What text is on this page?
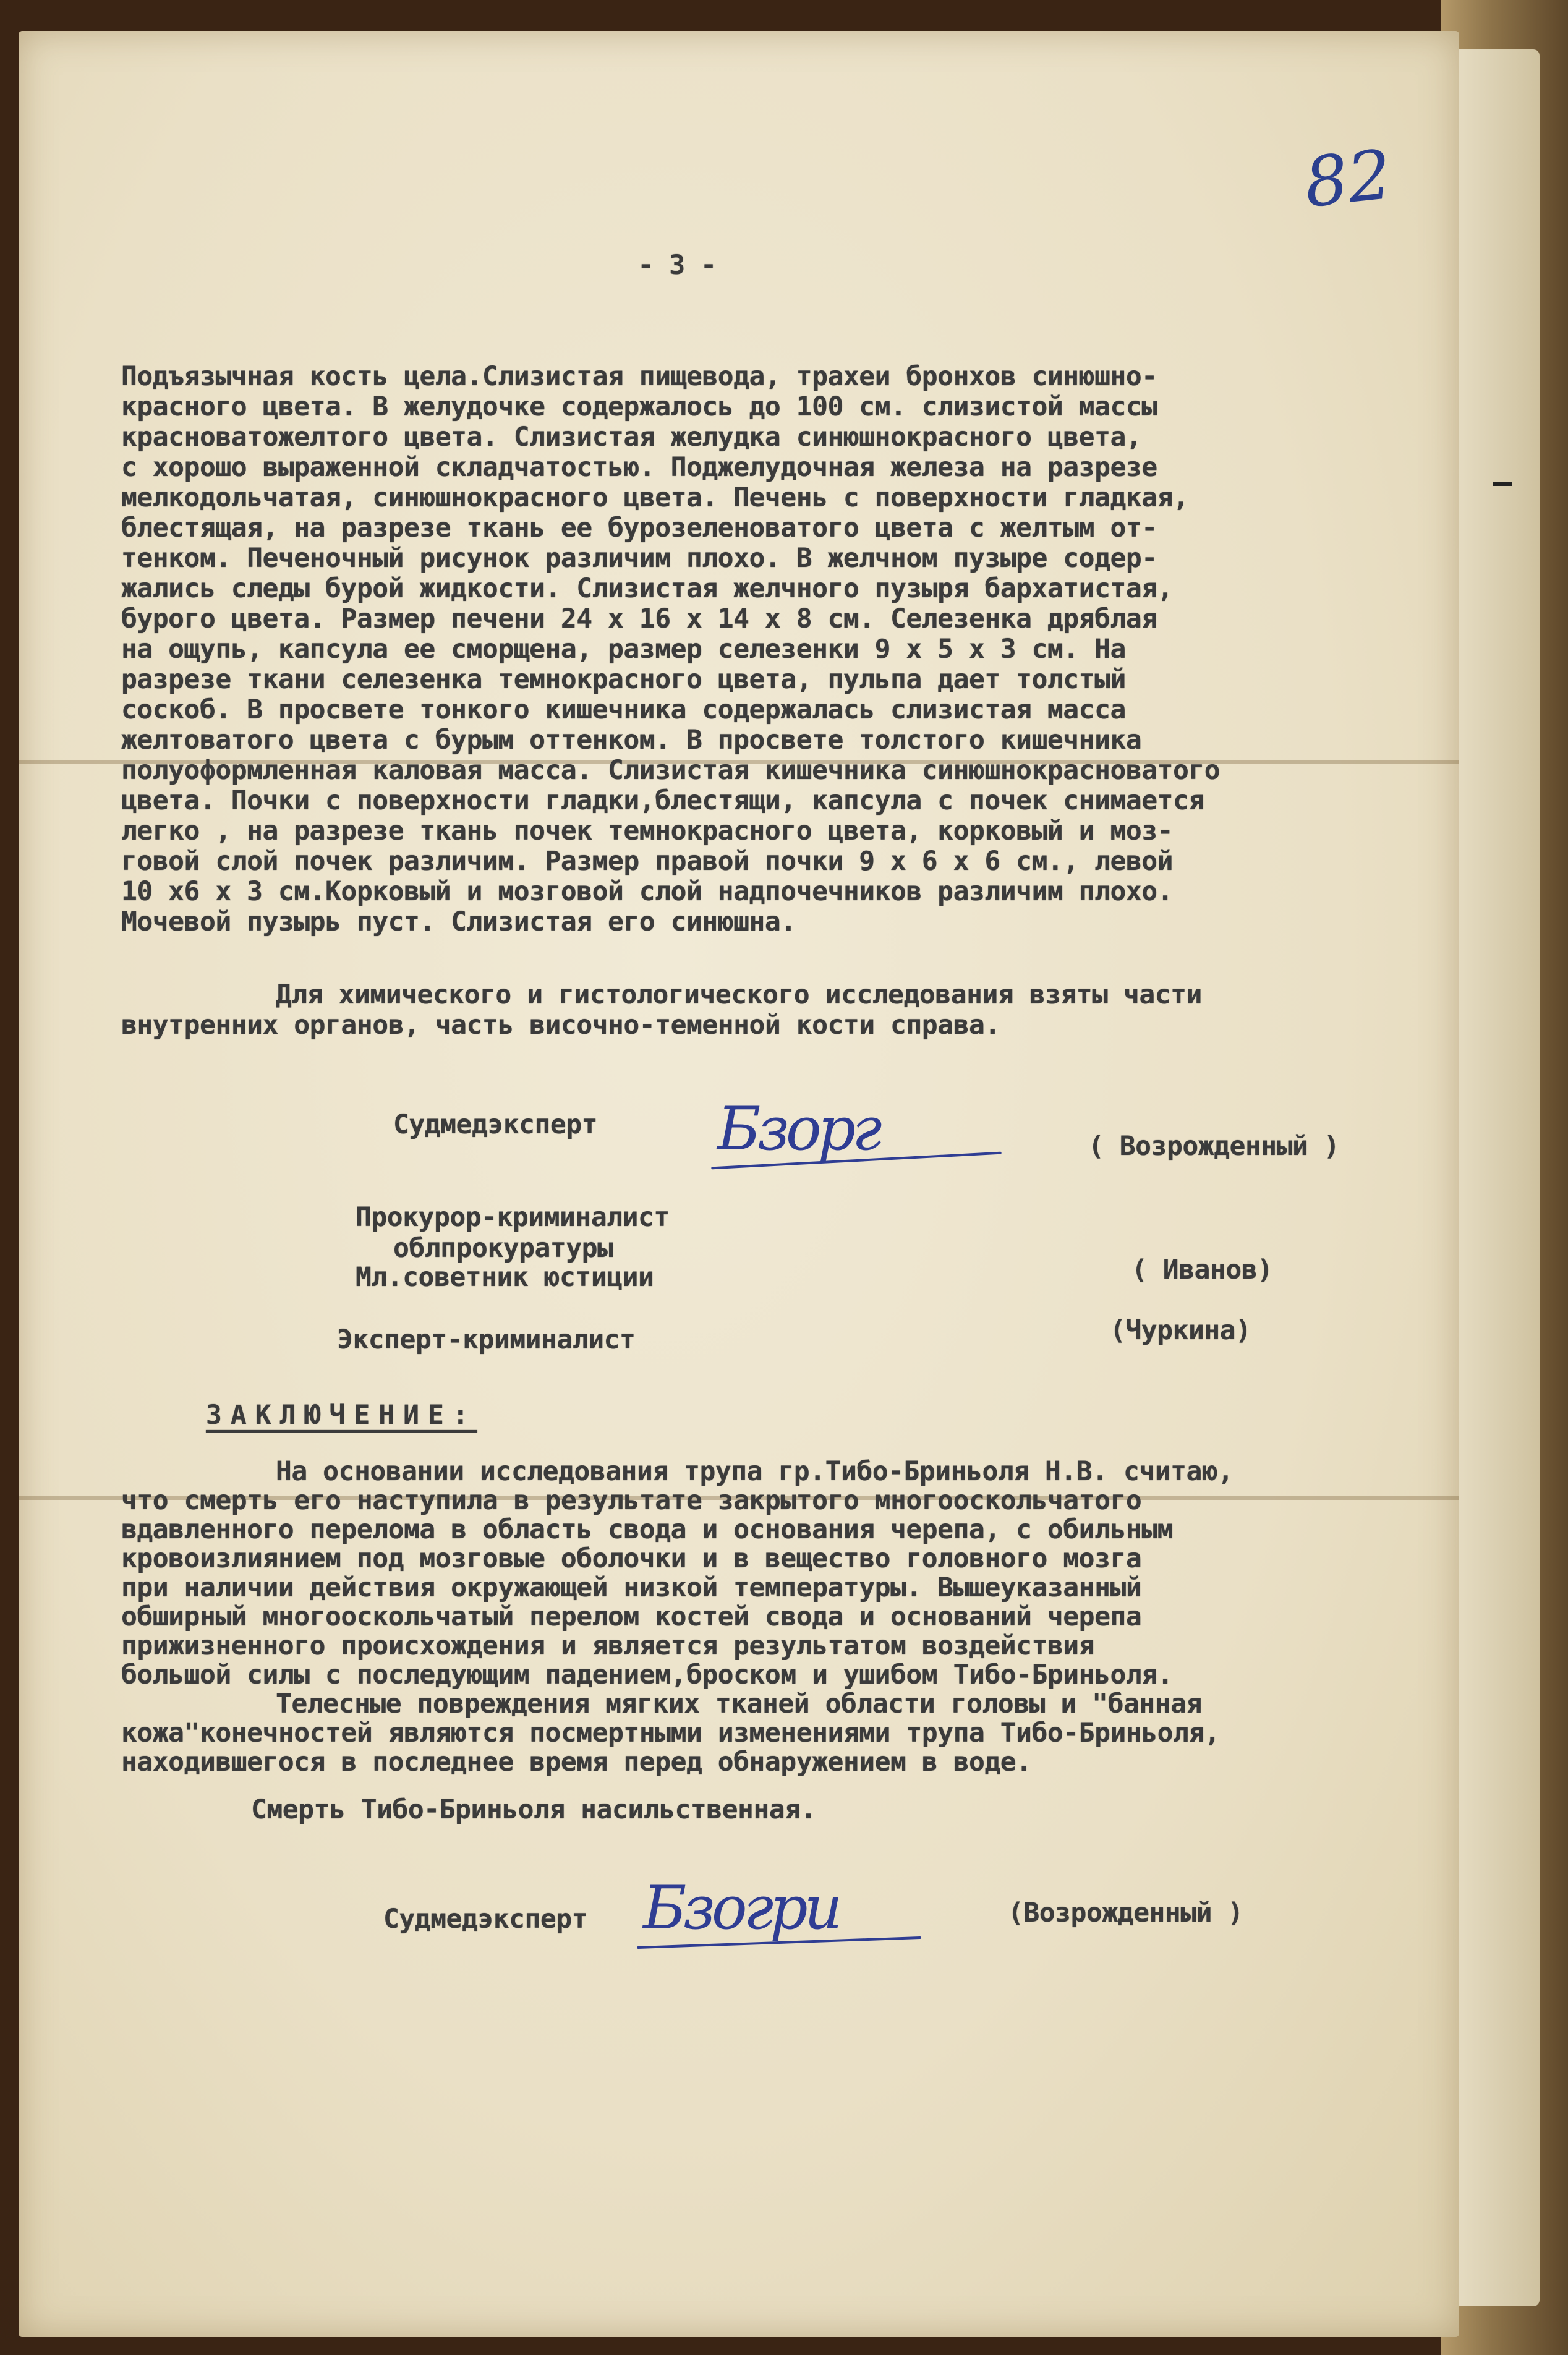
82
- 3 -
Подъязычная кость цела.Слизистая пищевода, трахеи бронхов синюшно-
красного цвета. В желудочке содержалось до 100 см. слизистой массы
красноватожелтого цвета. Слизистая желудка синюшнокрасного цвета,
с хорошо выраженной складчатостью. Поджелудочная железа на разрезе
мелкодольчатая, синюшнокрасного цвета. Печень с поверхности гладкая,
блестящая, на разрезе ткань ее бурозеленоватого цвета с желтым от-
тенком. Печеночный рисунок различим плохо. В желчном пузыре содер-
жались следы бурой жидкости. Слизистая желчного пузыря бархатистая,
бурого цвета. Размер печени 24 х 16 х 14 х 8 см. Селезенка дряблая
на ощупь, капсула ее сморщена, размер селезенки 9 х 5 х 3 см. На
разрезе ткани селезенка темнокрасного цвета, пульпа дает толстый
соскоб. В просвете тонкого кишечника содержалась слизистая масса
желтоватого цвета с бурым оттенком. В просвете толстого кишечника
полуоформленная каловая масса. Слизистая кишечника синюшнокрасноватого
цвета. Почки с поверхности гладки,блестящи, капсула с почек снимается
легко , на разрезе ткань почек темнокрасного цвета, корковый и моз-
говой слой почек различим. Размер правой почки 9 х 6 х 6 см., левой
10 х6 х 3 см.Корковый и мозговой слой надпочечников различим плохо.
Мочевой пузырь пуст. Слизистая его синюшна.
Для химического и гистологического исследования взяты части
внутренних органов, часть височно-теменной кости справа.
Судмедэксперт Бзорг	( Возрожденный )
Прокурор-криминалист
облпрокуратуры
Мл.советник юстиции	( Иванов)
Эксперт-криминалист	(Чуркина)
ЗАКЛЮЧЕНИЕ:
На основании исследования трупа гр.Тибо-Бриньоля Н.В. считаю,
что смерть его наступила в результате закрытого многооскольчатого
вдавленного перелома в область свода и основания черепа, с обильным
кровоизлиянием под мозговые оболочки и в вещество головного мозга
при наличии действия окружающей низкой температуры. Вышеуказанный
обширный многооскольчатый перелом костей свода и оснований черепа
прижизненного происхождения и является результатом воздействия
большой силы с последующим падением,броском и ушибом Тибо-Бриньоля.
Телесные повреждения мягких тканей области головы и "банная
кожа"конечностей являются посмертными изменениями трупа Тибо-Бриньоля,
находившегося в последнее время перед обнаружением в воде.
Смерть Тибо-Бриньоля насильственная.
Судмедэксперт Бзогри	(Возрожденный )
